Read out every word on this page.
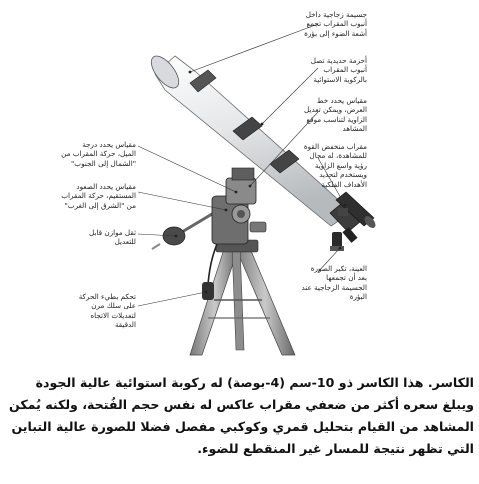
جسيمة زجاجية داخل
أنبوب المقراب تجمع
أشعة الضوء إلى بؤرة
أحزمة حديدية تصل
أنبوب المقراب
بالركوبة الاستوائية
مقياس يحدد خط
العرض، ويمكن تعديل
الزاوية لتناسب موقع
المشاهد
مقراب منخفض القوة
للمشاهدة، له مجال
رؤية واسع الزاوية
ويستخدم لتحديد
الأهداف الفلكية
العينة، تكبر الصورة
بعد أن تجمعها
الجسيمة الزجاجية عند
البؤرة
مقياس يحدد درجة
الميل، حركة المقراب من
"الشمال إلى الجنوب"
مقياس يحدد الصعود
المستقيم، حركة المقراب
من "الشرق إلى الغرب"
ثقل موازن قابل
للتعديل
تحكم بطيء الحركة
على سلك مرن
لتعديلات الاتجاه
الدقيقة
الكاسر. هذا الكاسر ذو 10-سم (4-بوصة) له ركوبة استوائية عالية الجودة ويبلغ سعره أكثر من ضعفي مقراب عاكس له نفس حجم الفُتحة، ولكنه يُمكن المشاهد من القيام بتحليل قمري وكوكبي مفصل فضلا للصورة عالية التباين التي تظهر نتيجة للمسار غير المنقطع للضوء.
